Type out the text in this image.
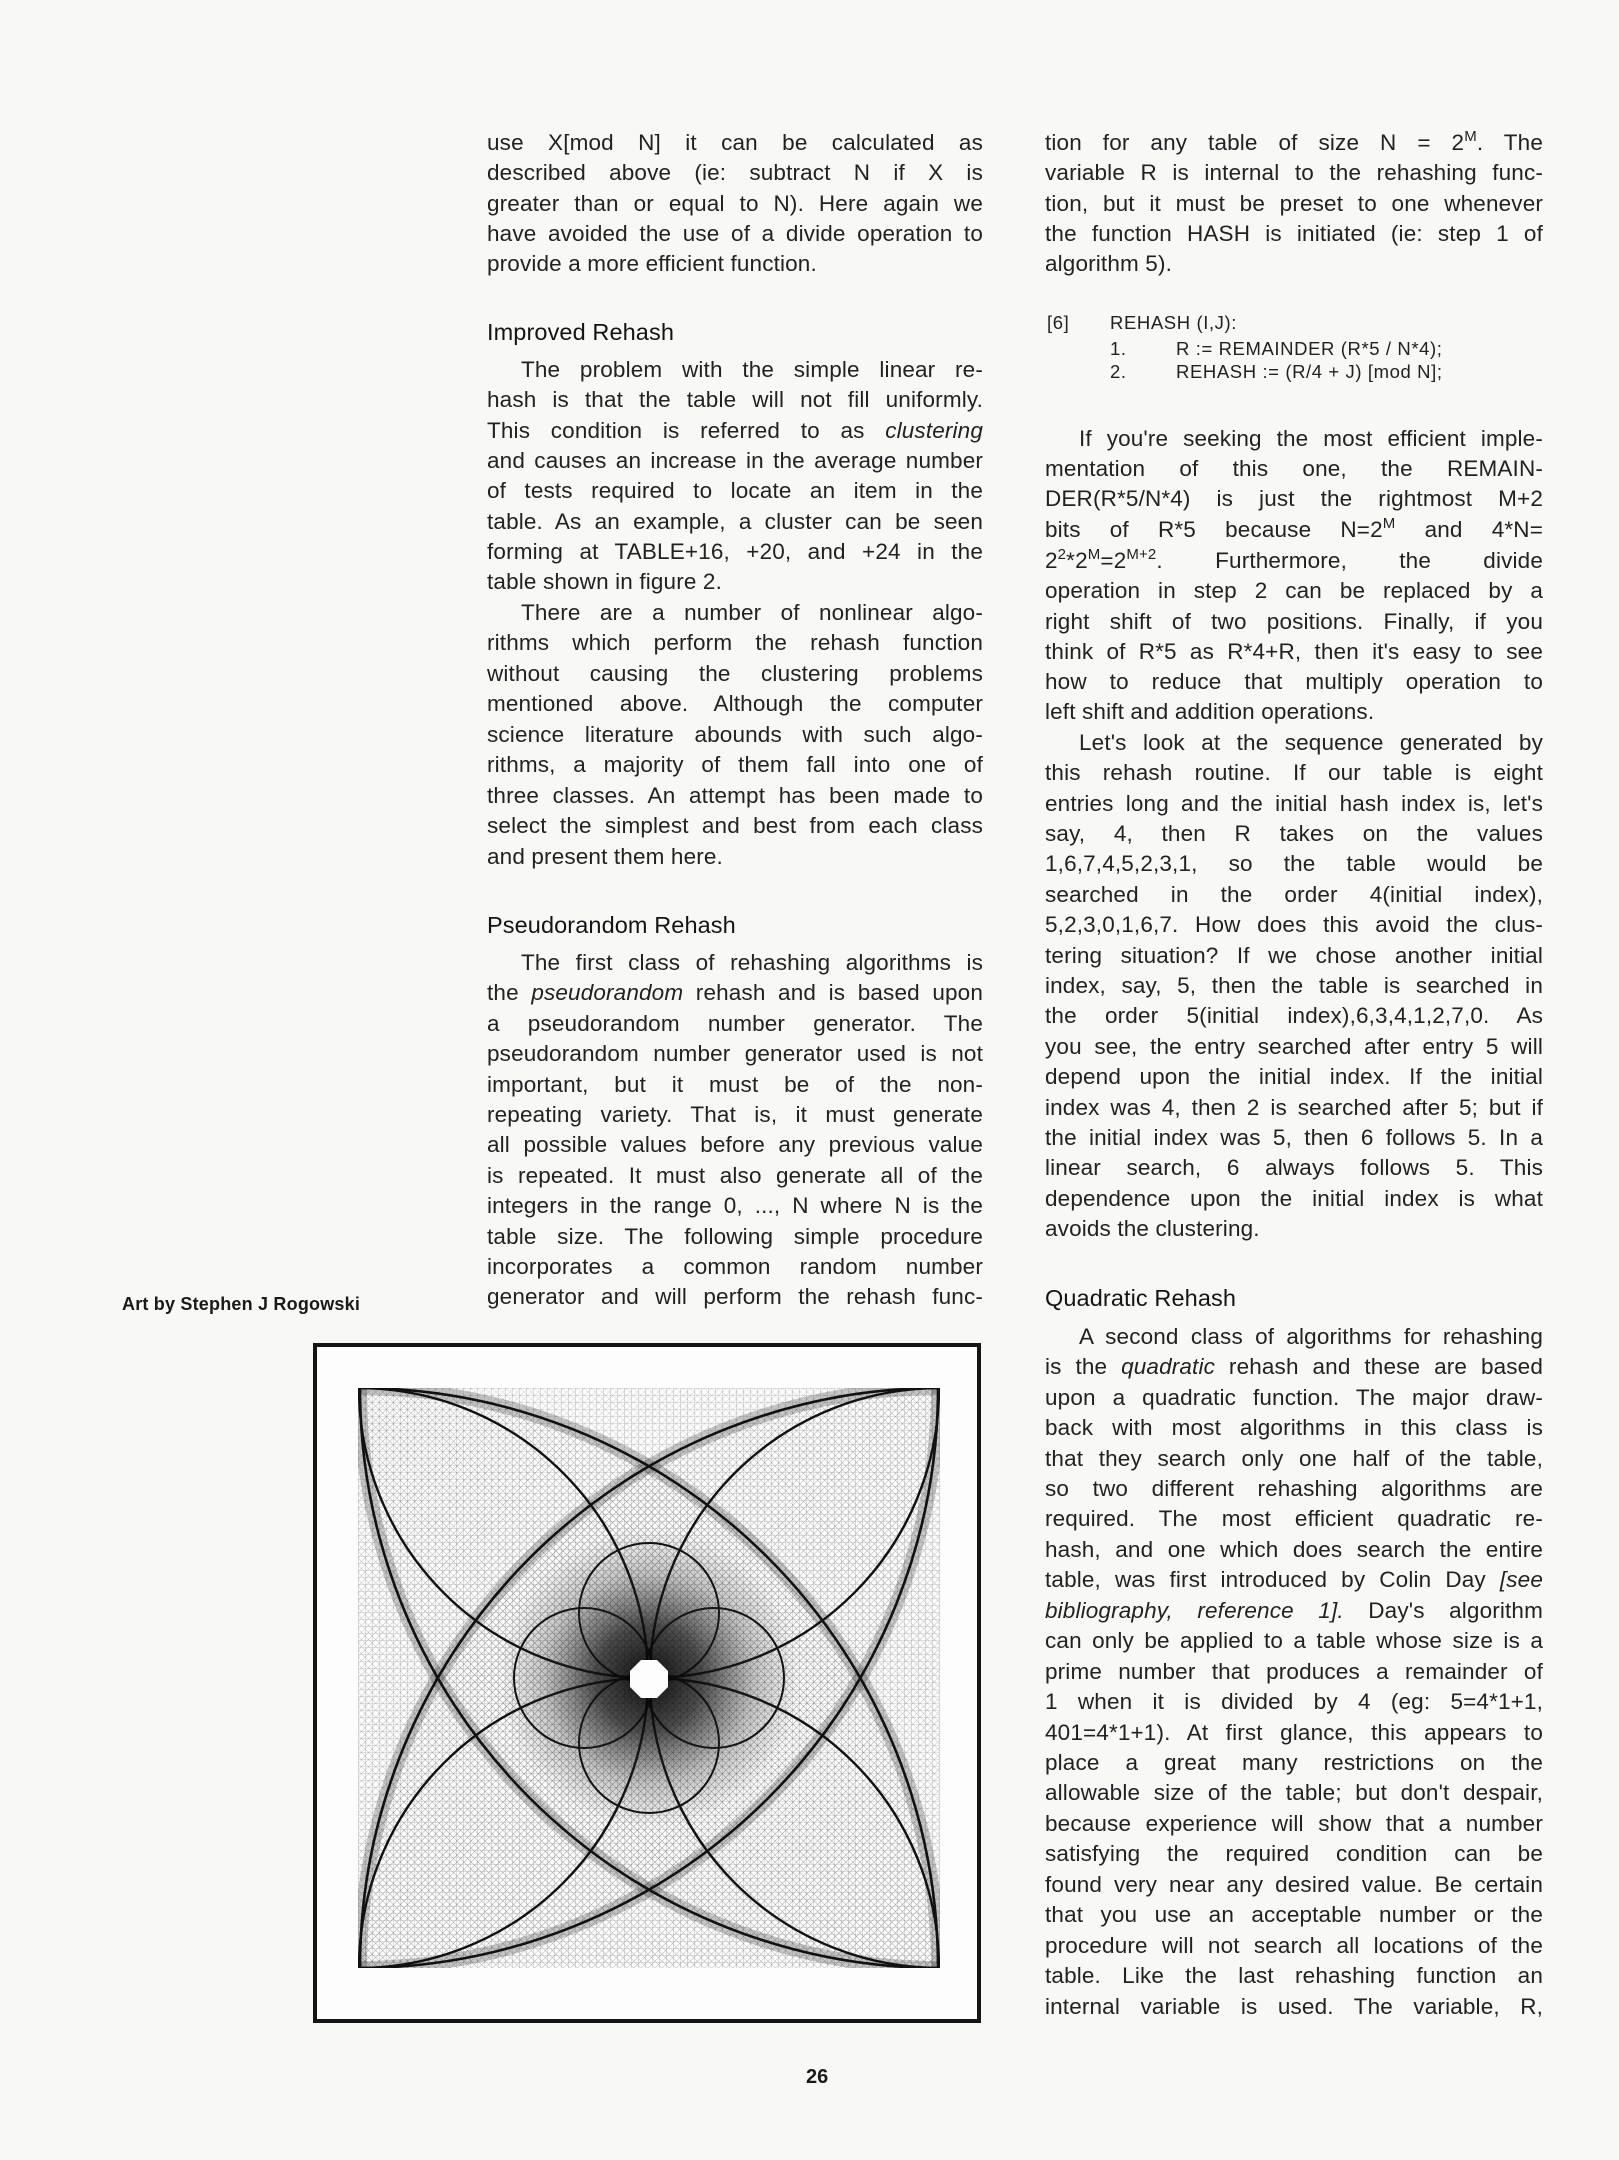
use X[mod N] it can be calculated as
described above (ie: subtract N if X is
greater than or equal to N). Here again we
have avoided the use of a divide operation to
provide a more efficient function.
Improved Rehash
The problem with the simple linear re-
hash is that the table will not fill uniformly.
This condition is referred to as clustering
and causes an increase in the average number
of tests required to locate an item in the
table. As an example, a cluster can be seen
forming at TABLE+16, +20, and +24 in the
table shown in figure 2.
There are a number of nonlinear algo-
rithms which perform the rehash function
without causing the clustering problems
mentioned above. Although the computer
science literature abounds with such algo-
rithms, a majority of them fall into one of
three classes. An attempt has been made to
select the simplest and best from each class
and present them here.
Pseudorandom Rehash
The first class of rehashing algorithms is
the pseudorandom rehash and is based upon
a pseudorandom number generator. The
pseudorandom number generator used is not
important, but it must be of the non-
repeating variety. That is, it must generate
all possible values before any previous value
is repeated. It must also generate all of the
integers in the range 0, ..., N where N is the
table size. The following simple procedure
incorporates a common random number
generator and will perform the rehash func-
tion for any table of size $N = 2^M$. The
variable R is internal to the rehashing func-
tion, but it must be preset to one whenever
the function HASH is initiated (ie: step 1 of
algorithm 5).
[6] REHASH (I,J):
1.	R := REMAINDER (R*5 / N*4);
2.	REHASH := (R/4 + J) [mod N];
If you're seeking the most efficient imple-
mentation of this one, the REMAIN-
DER(R*5/N*4) is just the rightmost M+2
bits of R*5 because $N=2^M$ and 4*N=
$2^2*2^M=2^{M+2}$. Furthermore, the divide
operation in step 2 can be replaced by a
right shift of two positions. Finally, if you
think of R*5 as R*4+R, then it's easy to see
how to reduce that multiply operation to
left shift and addition operations.
Let's look at the sequence generated by
this rehash routine. If our table is eight
entries long and the initial hash index is, let's
say, 4, then R takes on the values
1,6,7,4,5,2,3,1, so the table would be
searched in the order 4(initial index),
5,2,3,0,1,6,7. How does this avoid the clus-
tering situation? If we chose another initial
index, say, 5, then the table is searched in
the order 5(initial index),6,3,4,1,2,7,0. As
you see, the entry searched after entry 5 will
depend upon the initial index. If the initial
index was 4, then 2 is searched after 5; but if
the initial index was 5, then 6 follows 5. In a
linear search, 6 always follows 5. This
dependence upon the initial index is what
avoids the clustering.
Quadratic Rehash
A second class of algorithms for rehashing
is the quadratic rehash and these are based
upon a quadratic function. The major draw-
back with most algorithms in this class is
that they search only one half of the table,
so two different rehashing algorithms are
required. The most efficient quadratic re-
hash, and one which does search the entire
table, was first introduced by Colin Day [see
bibliography, reference 1]. Day's algorithm
can only be applied to a table whose size is a
prime number that produces a remainder of
1 when it is divided by 4 (eg: 5=4*1+1,
401=4*1+1). At first glance, this appears to
place a great many restrictions on the
allowable size of the table; but don't despair,
because experience will show that a number
satisfying the required condition can be
found very near any desired value. Be certain
that you use an acceptable number or the
procedure will not search all locations of the
table. Like the last rehashing function an
internal variable is used. The variable, R,
Art by Stephen J Rogowski
26
